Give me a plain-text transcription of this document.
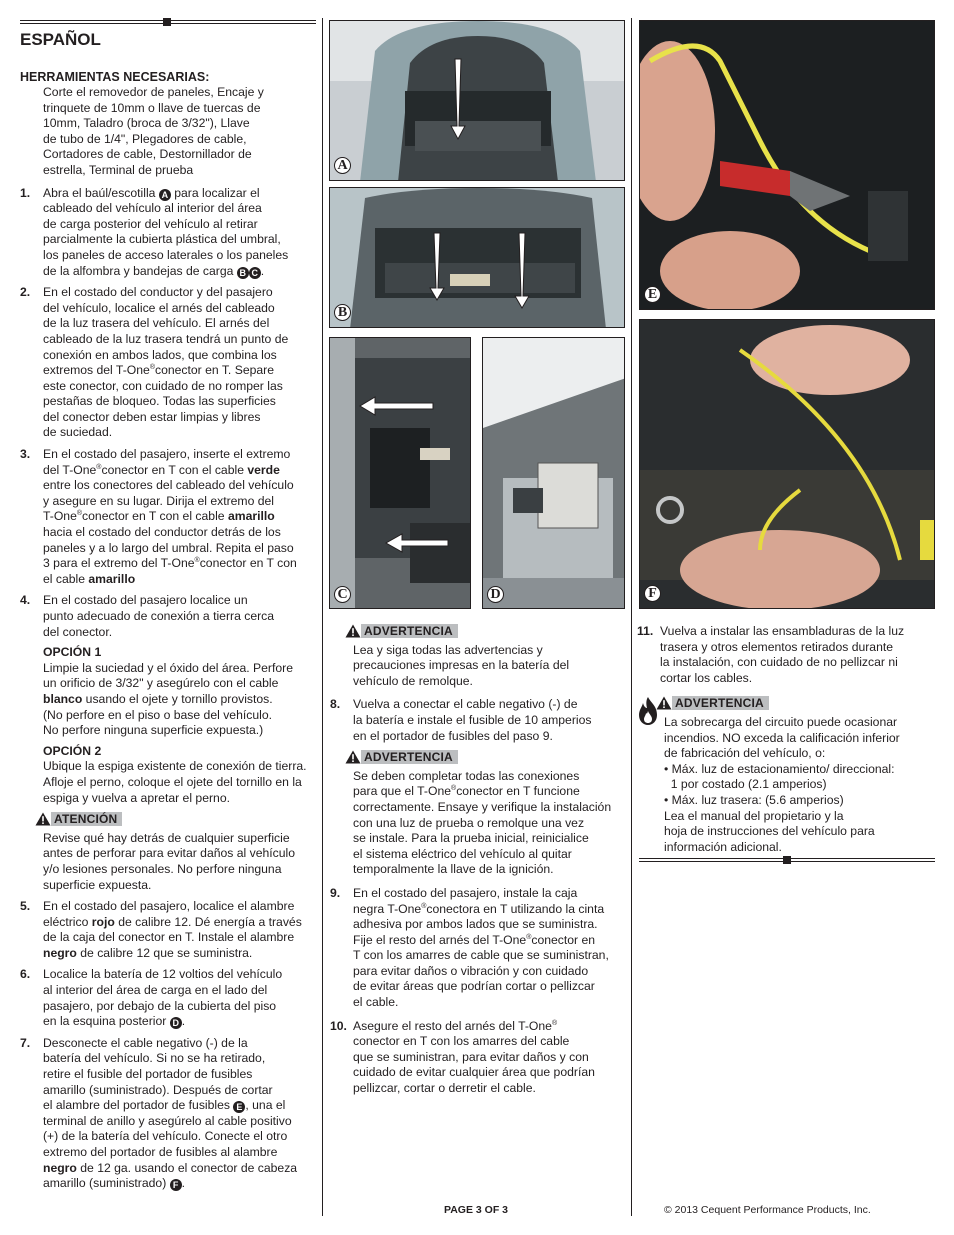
ESPAÑOL
HERRAMIENTAS NECESARIAS:

Corte el removedor de paneles, Encaje y

trinquete de 10mm o llave de tuercas de

10mm, Taladro (broca de 3/32"), Llave

de tubo de 1/4", Plegadores de cable,

Cortadores de cable, Destornillador de

estrella, Terminal de prueba

1. Abra el baúl/escotilla A para localizar el

cableado del vehículo al interior del área

de carga posterior del vehículo al retirar

parcialmente la cubierta plástica del umbral,

los paneles de acceso laterales o los paneles

de la alfombra y bandejas de carga B C .

2. En el costado del conductor y del pasajero

del vehículo, localice el arnés del cableado

de la luz trasera del vehículo. El arnés del

cableado de la luz trasera tendrá un punto de

conexión en ambos lados, que combina los

extremos del T-One®conector en T. Separe

este conector, con cuidado de no romper las

pestañas de bloqueo. Todas las superficies

del conector deben estar limpias y libres

de suciedad.

3. En el costado del pasajero, inserte el extremo

del T-One®conector en T con el cable verde

entre los conectores del cableado del vehículo

y asegure en su lugar. Dirija el extremo del

T-One®conector en T con el cable amarillo

hacia el costado del conductor detrás de los

paneles y a lo largo del umbral. Repita el paso

3 para el extremo del T-One®conector en T con

el cable amarillo

4. En el costado del pasajero localice un

punto adecuado de conexión a tierra cerca

del conector.

OPCIÓN 1

Limpie la suciedad y el óxido del área. Perfore

un orificio de 3/32" y asegúrelo con el cable

blanco usando el ojete y tornillo provistos.

(No perfore en el piso o base del vehículo.

No perfore ninguna superficie expuesta.)

OPCIÓN 2

Ubique la espiga existente de conexión de tierra.

Afloje el perno, coloque el ojete del tornillo en la

espiga y vuelva a apretar el perno.

ATENCIÓN

Revise qué hay detrás de cualquier superficie

antes de perforar para evitar daños al vehículo

y/o lesiones personales. No perfore ninguna

superficie expuesta.

5. En el costado del pasajero, localice el alambre

eléctrico rojo de calibre 12. Dé energía a través

de la caja del conector en T. Instale el alambre

negro de calibre 12 que se suministra.

6. Localice la batería de 12 voltios del vehículo

al interior del área de carga en el lado del

pasajero, por debajo de la cubierta del piso

en la esquina posterior D .

7. Desconecte el cable negativo (-) de la

batería del vehículo. Si no se ha retirado,

retire el fusible del portador de fusibles

amarillo (suministrado). Después de cortar

el alambre del portador de fusibles E , una el

terminal de anillo y asegúrelo al cable positivo

(+) de la batería del vehículo. Conecte el otro

extremo del portador de fusibles al alambre

negro de 12 ga. usando el conector de cabeza

amarillo (suministrado) F .

A
B
C	D
E
F
ADVERTENCIA

Lea y siga todas las advertencias y

precauciones impresas en la batería del

vehículo de remolque.

8. Vuelva a conectar el cable negativo (-) de

la batería e instale el fusible de 10 amperios

en el portador de fusibles del paso 9.

ADVERTENCIA

Se deben completar todas las conexiones

para que el T-One®conector en T funcione

correctamente. Ensaye y verifique la instalación

con una luz de prueba o remolque una vez

se instale. Para la prueba inicial, reinicialice

el sistema eléctrico del vehículo al quitar

temporalmente la llave de la ignición.

9. En el costado del pasajero, instale la caja

negra T-One®conectora en T utilizando la cinta

adhesiva por ambos lados que se suministra.

Fije el resto del arnés del T-One®conector en

T con los amarres de cable que se suministran,

para evitar daños o vibración y con cuidado

de evitar áreas que podrían cortar o pellizcar

el cable.

10. Asegure el resto del arnés del T-One®

conector en T con los amarres del cable

que se suministran, para evitar daños y con

cuidado de evitar cualquier área que podrían

pellizcar, cortar o derretir el cable.

11. Vuelva a instalar las ensambladuras de la luz

trasera y otros elementos retirados durante

la instalación, con cuidado de no pellizcar ni

cortar los cables.

ADVERTENCIA

La sobrecarga del circuito puede ocasionar

incendios. NO exceda la calificación inferior

de fabricación del vehículo, o:

• Máx. luz de estacionamiento/ direccional:

1 por costado (2.1 amperios)

• Máx. luz trasera: (5.6 amperios)

Lea el manual del propietario y la

hoja de instrucciones del vehículo para

información adicional.

PAGE 3 OF 3	© 2013 Cequent Performance Products, Inc.
